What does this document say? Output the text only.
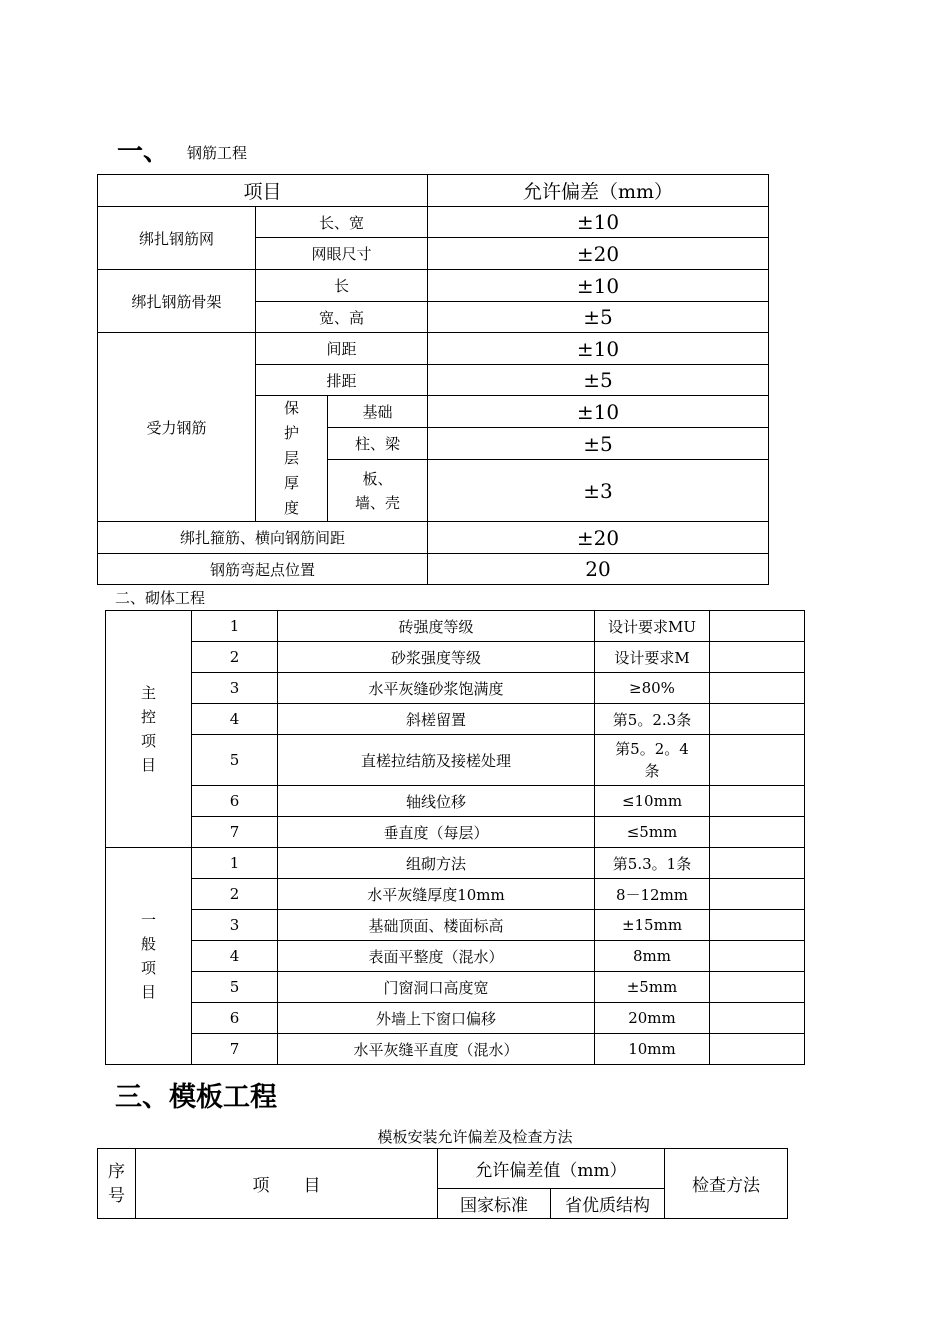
一、 钢筋工程
项目			允许偏差（mm）
绑扎钢筋网	长、宽		±10
	网眼尺寸		±20
绑扎钢筋骨架	长		±10
	宽、高		±5
受力钢筋	间距		±10
	排距		±5

	保
护
层
厚
度	基础	±10
		柱、梁	±5

		板、
墙、壳	±3
绑扎箍筋、横向钢筋间距			±20
钢筋弯起点位置			20
二、砌体工程
主
控
项
目	1	砖强度等级	设计要求MU	
	2	砂浆强度等级	设计要求M	
	3	水平灰缝砂浆饱满度	≥80%	
	4	斜槎留置	第5。2.3条	
	5	直槎拉结筋及接槎处理	第5。2。4
条	

	6	轴线位移	≤10mm	
	7	垂直度（每层）	≤5mm	

一
般
项
目	1	组砌方法	第5.3。1条	
	2	水平灰缝厚度10mm	8－12mm	
	3	基础顶面、楼面标高	±15mm	
	4	表面平整度（混水）	8mm	
	5	门窗洞口高度宽	±5mm	
	6	外墙上下窗口偏移	20mm	
	7	水平灰缝平直度（混水）	10mm	
三、模板工程
模板安装允许偏差及检查方法
序
号	项　　目	允许偏差值（mm）		检查方法
		国家标准	省优质结构	
